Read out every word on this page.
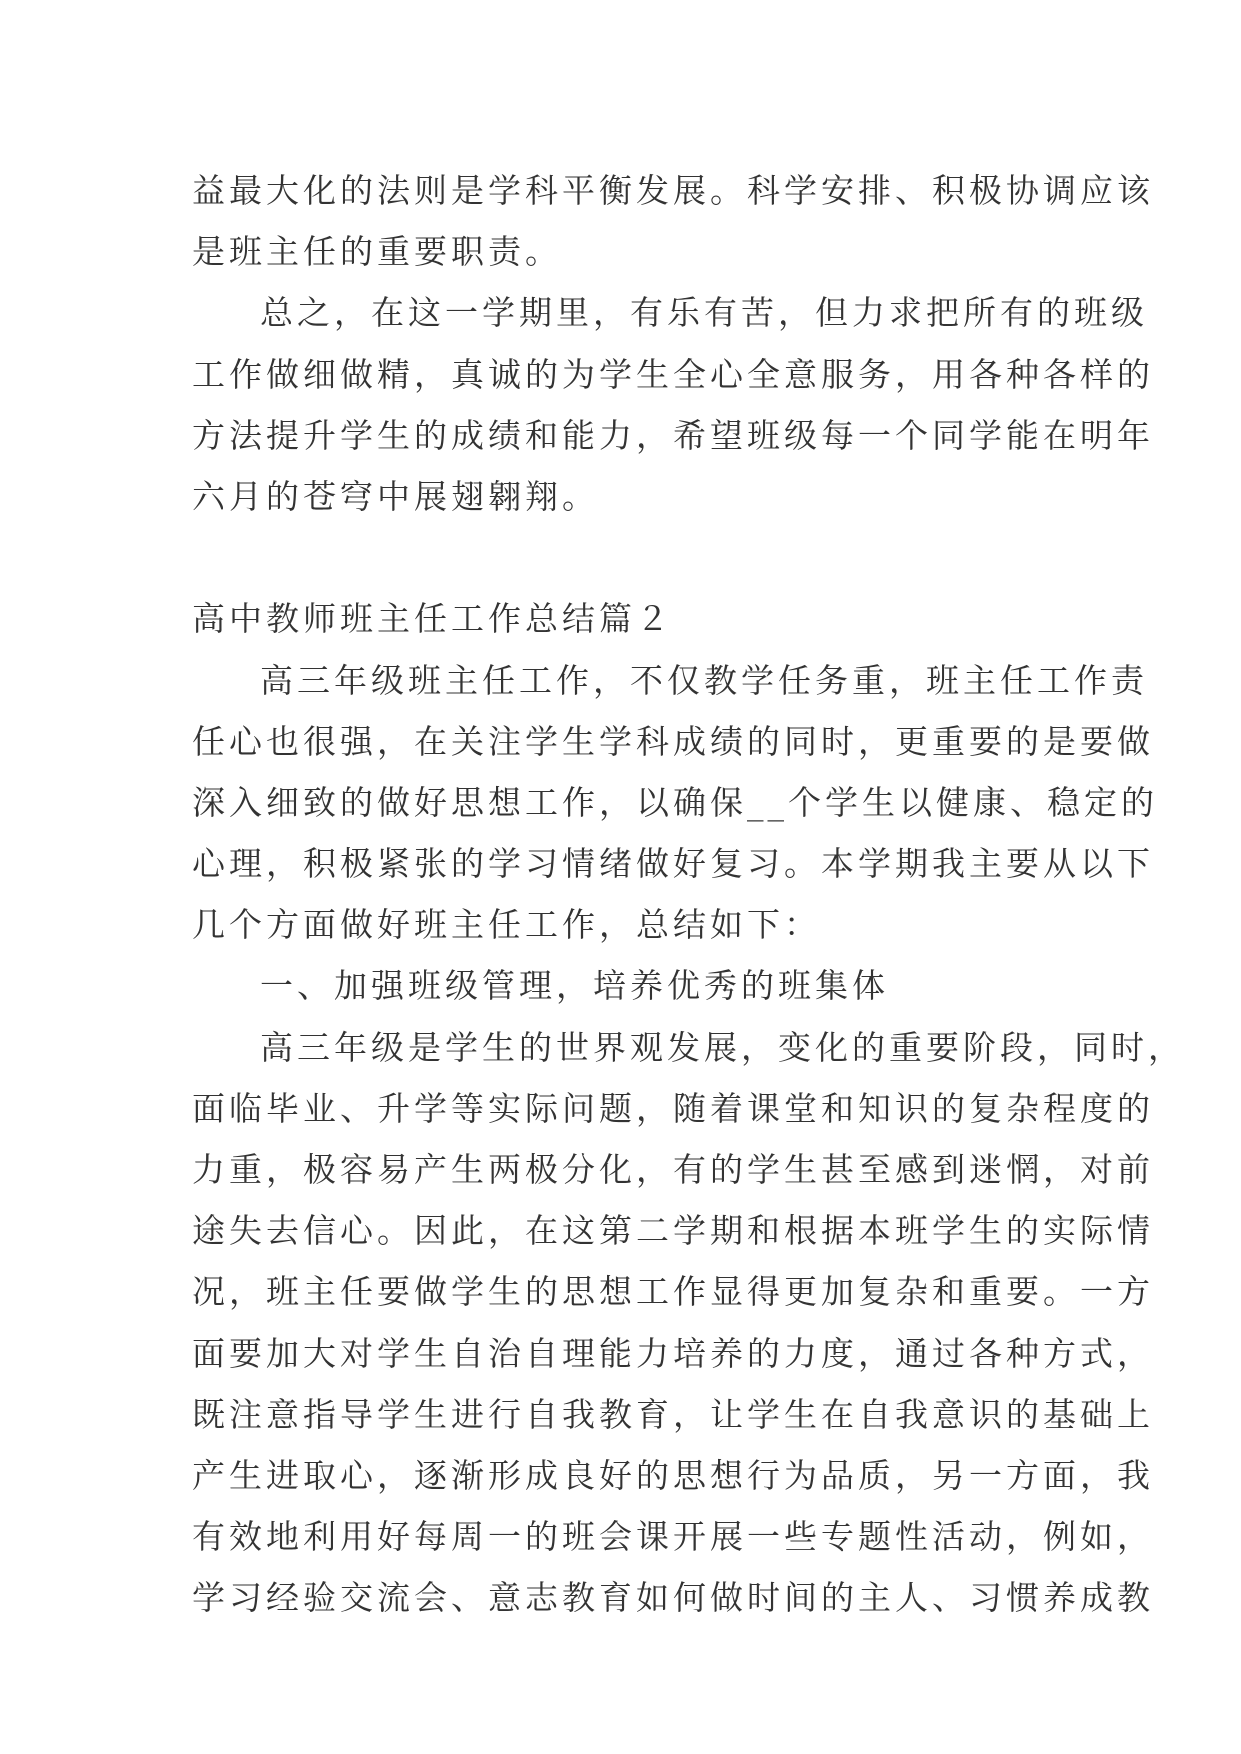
益最大化的法则是学科平衡发展。科学安排、积极协调应该
是班主任的重要职责。
总之，在这一学期里，有乐有苦，但力求把所有的班级
工作做细做精，真诚的为学生全心全意服务，用各种各样的
方法提升学生的成绩和能力，希望班级每一个同学能在明年
六月的苍穹中展翅翱翔。
高中教师班主任工作总结篇２
高三年级班主任工作，不仅教学任务重，班主任工作责
任心也很强，在关注学生学科成绩的同时，更重要的是要做
深入细致的做好思想工作，以确保__个学生以健康、稳定的
心理，积极紧张的学习情绪做好复习。本学期我主要从以下
几个方面做好班主任工作，总结如下：
一、加强班级管理，培养优秀的班集体
高三年级是学生的世界观发展，变化的重要阶段，同时，
面临毕业、升学等实际问题，随着课堂和知识的复杂程度的
力重，极容易产生两极分化，有的学生甚至感到迷惘，对前
途失去信心。因此，在这第二学期和根据本班学生的实际情
况，班主任要做学生的思想工作显得更加复杂和重要。一方
面要加大对学生自治自理能力培养的力度，通过各种方式，
既注意指导学生进行自我教育，让学生在自我意识的基础上
产生进取心，逐渐形成良好的思想行为品质，另一方面，我
有效地利用好每周一的班会课开展一些专题性活动，例如，
学习经验交流会、意志教育如何做时间的主人、习惯养成教
